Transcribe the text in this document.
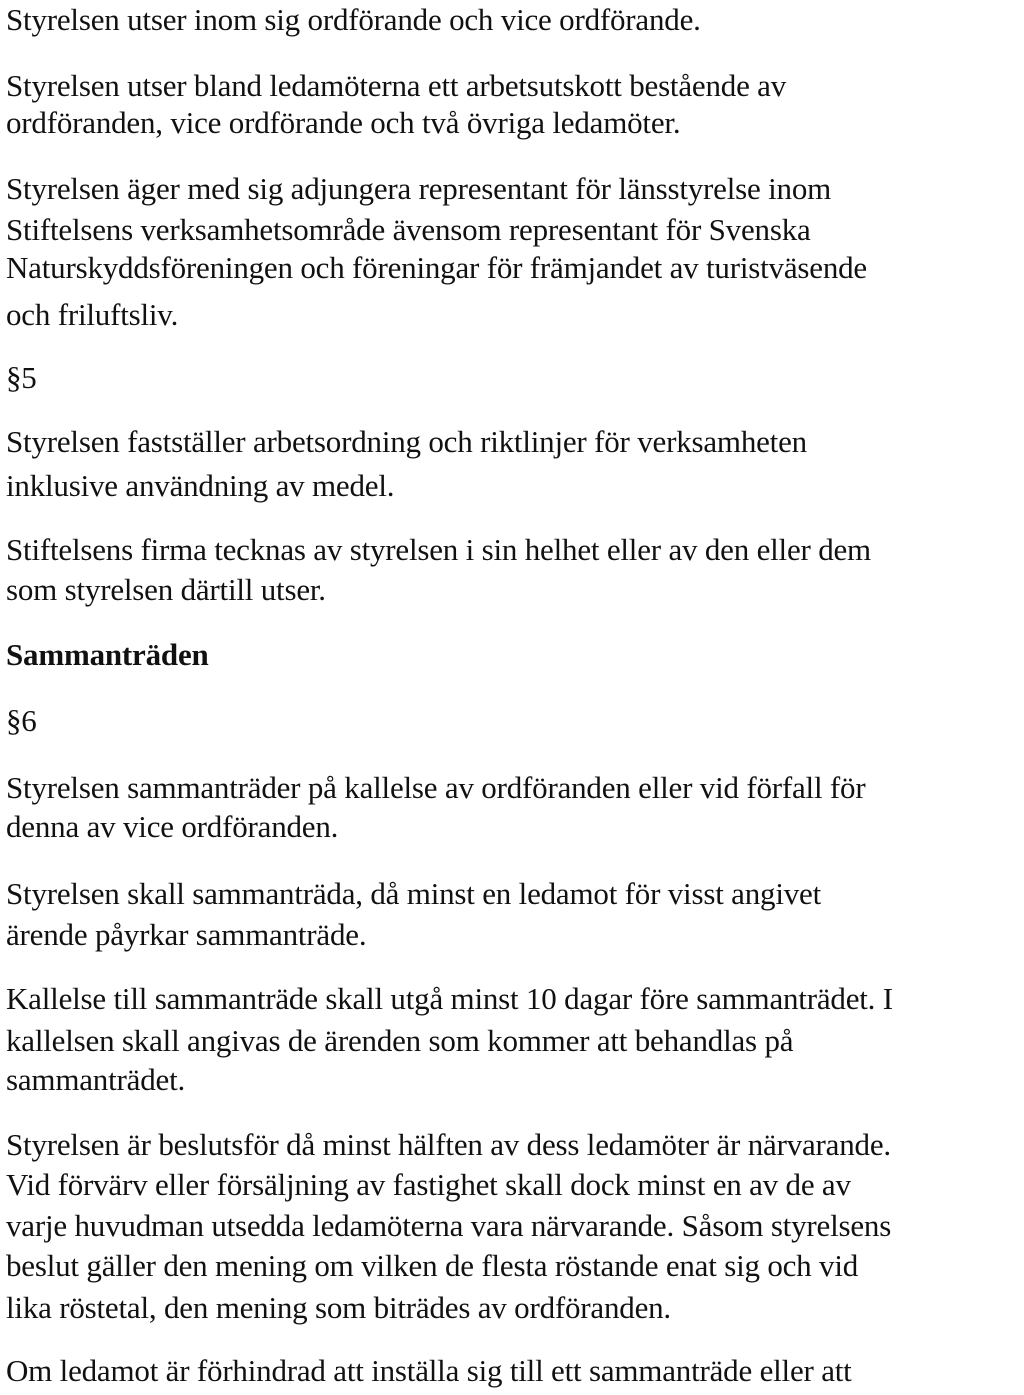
Styrelsen utser inom sig ordförande och vice ordförande.
Styrelsen utser bland ledamöterna ett arbetsutskott bestående av
ordföranden, vice ordförande och två övriga ledamöter.
Styrelsen äger med sig adjungera representant för länsstyrelse inom
Stiftelsens verksamhetsområde ävensom representant för Svenska
Naturskyddsföreningen och föreningar för främjandet av turistväsende
och friluftsliv.
§5
Styrelsen fastställer arbetsordning och riktlinjer för verksamheten
inklusive användning av medel.
Stiftelsens firma tecknas av styrelsen i sin helhet eller av den eller dem
som styrelsen därtill utser.
Sammanträden
§6
Styrelsen sammanträder på kallelse av ordföranden eller vid förfall för
denna av vice ordföranden.
Styrelsen skall sammanträda, då minst en ledamot för visst angivet
ärende påyrkar sammanträde.
Kallelse till sammanträde skall utgå minst 10 dagar före sammanträdet. I
kallelsen skall angivas de ärenden som kommer att behandlas på
sammanträdet.
Styrelsen är beslutsför då minst hälften av dess ledamöter är närvarande.
Vid förvärv eller försäljning av fastighet skall dock minst en av de av
varje huvudman utsedda ledamöterna vara närvarande. Såsom styrelsens
beslut gäller den mening om vilken de flesta röstande enat sig och vid
lika röstetal, den mening som biträdes av ordföranden.
Om ledamot är förhindrad att inställa sig till ett sammanträde eller att
